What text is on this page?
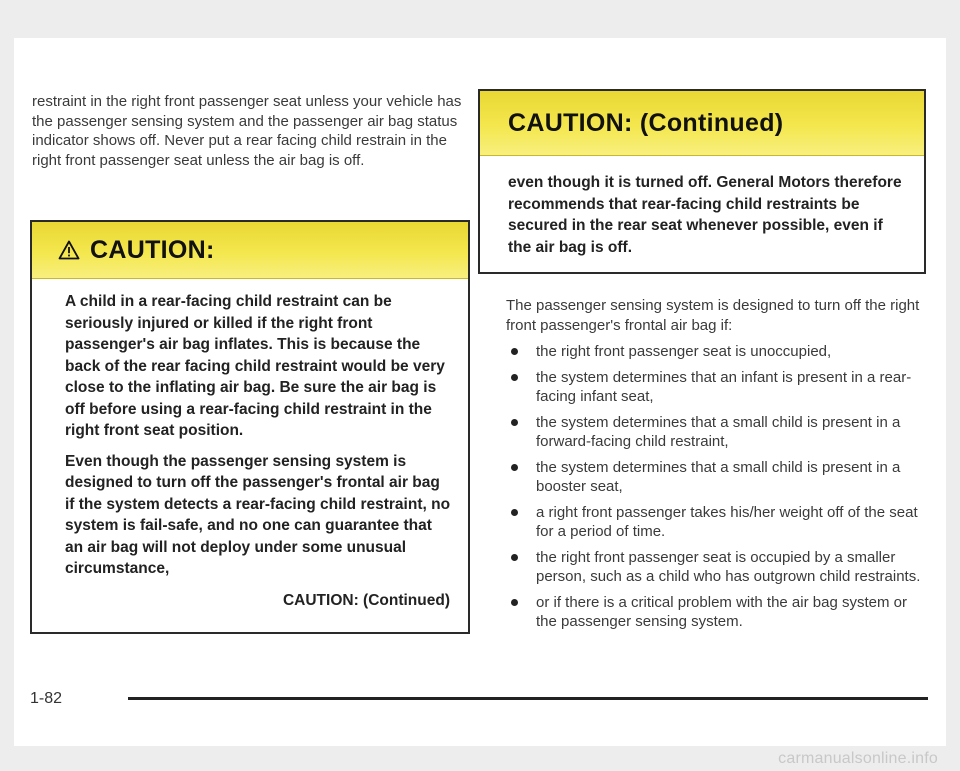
restraint in the right front passenger seat unless your vehicle has the passenger sensing system and the passenger air bag status indicator shows off. Never put a rear facing child restrain in the right front passenger seat unless the air bag is off.

CAUTION:

A child in a rear-facing child restraint can be seriously injured or killed if the right front passenger's air bag inflates. This is because the back of the rear facing child restraint would be very close to the inflating air bag. Be sure the air bag is off before using a rear-facing child restraint in the right front seat position.

Even though the passenger sensing system is designed to turn off the passenger's frontal air bag if the system detects a rear-facing child restraint, no system is fail-safe, and no one can guarantee that an air bag will not deploy under some unusual circumstance,

CAUTION: (Continued)
CAUTION: (Continued)

even though it is turned off. General Motors therefore recommends that rear-facing child restraints be secured in the rear seat whenever possible, even if the air bag is off.

The passenger sensing system is designed to turn off the right front passenger's frontal air bag if:

the right front passenger seat is unoccupied,
the system determines that an infant is present in a rear-facing infant seat,
the system determines that a small child is present in a forward-facing child restraint,
the system determines that a small child is present in a booster seat,
a right front passenger takes his/her weight off of the seat for a period of time.
the right front passenger seat is occupied by a smaller person, such as a child who has outgrown child restraints.
or if there is a critical problem with the air bag system or the passenger sensing system.
1-82
carmanualsonline.info
